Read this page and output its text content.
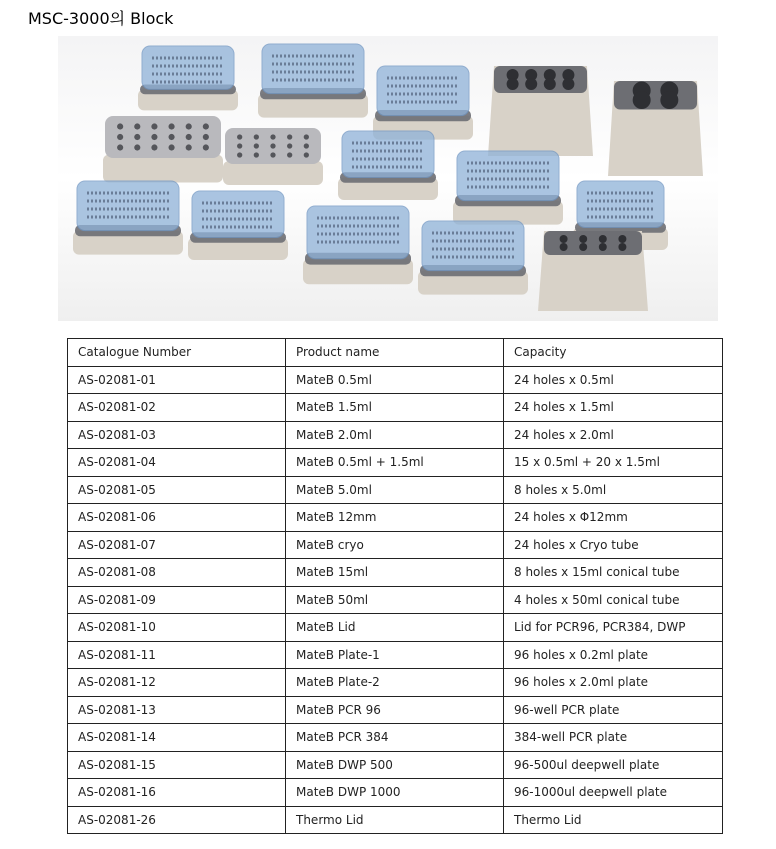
MSC-3000의 Block
Catalogue Number	Product name	Capacity
AS-02081-01	MateB 0.5ml	24 holes x 0.5ml
AS-02081-02	MateB 1.5ml	24 holes x 1.5ml
AS-02081-03	MateB 2.0ml	24 holes x 2.0ml
AS-02081-04	MateB 0.5ml + 1.5ml	15 x 0.5ml + 20 x 1.5ml
AS-02081-05	MateB 5.0ml	8 holes x 5.0ml
AS-02081-06	MateB 12mm	24 holes x Φ12mm
AS-02081-07	MateB cryo	24 holes x Cryo tube
AS-02081-08	MateB 15ml	8 holes x 15ml conical tube
AS-02081-09	MateB 50ml	4 holes x 50ml conical tube
AS-02081-10	MateB Lid	Lid for PCR96, PCR384, DWP
AS-02081-11	MateB Plate-1	96 holes x 0.2ml plate
AS-02081-12	MateB Plate-2	96 holes x 2.0ml plate
AS-02081-13	MateB PCR 96	96-well PCR plate
AS-02081-14	MateB PCR 384	384-well PCR plate
AS-02081-15	MateB DWP 500	96-500ul deepwell plate
AS-02081-16	MateB DWP 1000	96-1000ul deepwell plate
AS-02081-26	Thermo Lid	Thermo Lid
